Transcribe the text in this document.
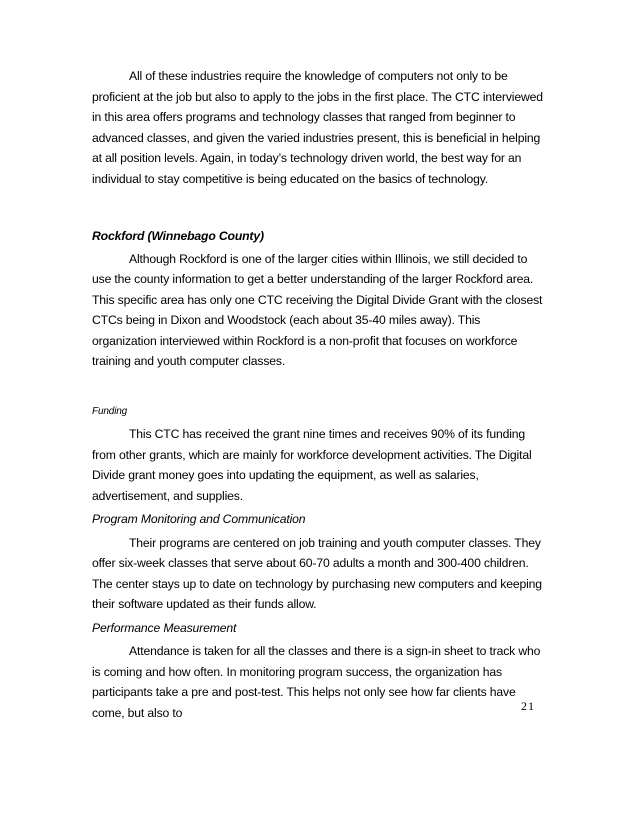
All of these industries require the knowledge of computers not only to be proficient at the job but also to apply to the jobs in the first place. The CTC interviewed in this area offers programs and technology classes that ranged from beginner to advanced classes, and given the varied industries present, this is beneficial in helping at all position levels. Again, in today’s technology driven world, the best way for an individual to stay competitive is being educated on the basics of technology.

Rockford (Winnebago County)

Although Rockford is one of the larger cities within Illinois, we still decided to use the county information to get a better understanding of the larger Rockford area. This specific area has only one CTC receiving the Digital Divide Grant with the closest CTCs being in Dixon and Woodstock (each about 35-40 miles away). This organization interviewed within Rockford is a non-profit that focuses on workforce training and youth computer classes.

Funding

This CTC has received the grant nine times and receives 90% of its funding from other grants, which are mainly for workforce development activities. The Digital Divide grant money goes into updating the equipment, as well as salaries, advertisement, and supplies.

Program Monitoring and Communication

Their programs are centered on job training and youth computer classes. They offer six-week classes that serve about 60-70 adults a month and 300-400 children. The center stays up to date on technology by purchasing new computers and keeping their software updated as their funds allow.

Performance Measurement

Attendance is taken for all the classes and there is a sign-in sheet to track who is coming and how often. In monitoring program success, the organization has participants take a pre and post-test. This helps not only see how far clients have come, but also to	21
